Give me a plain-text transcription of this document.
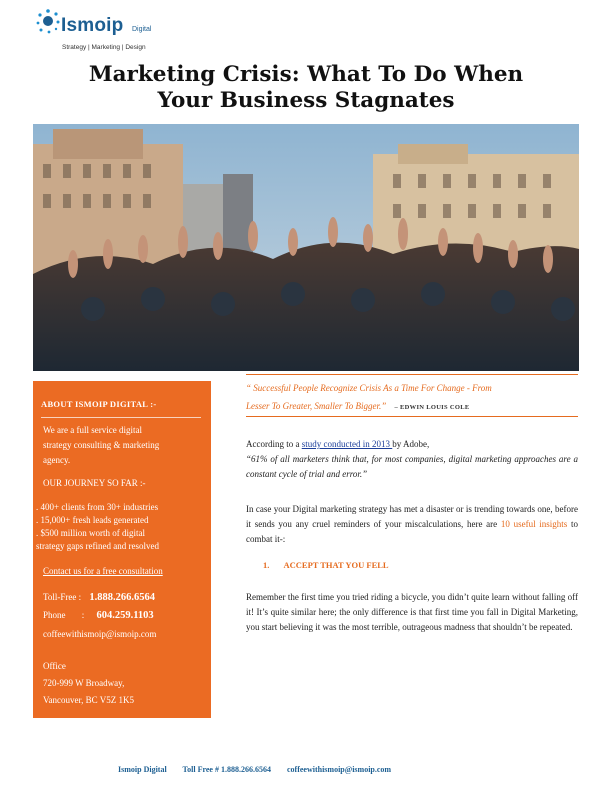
Ismoip Digital
Strategy | Marketing | Design
Marketing Crisis: What To Do When
Your Business Stagnates
ABOUT ISMOIP DIGITAL :-
We are a full service digital
strategy consulting & marketing
agency.
OUR JOURNEY SO FAR :-
. 400+ clients from 30+ industries
. 15,000+ fresh leads generated
. $500 million worth of digital
strategy gaps refined and resolved
Contact us for a free consultation
Toll-Free : 1.888.266.6564
Phone : 604.259.1103
coffeewithismoip@ismoip.com
Office
720-999 W Broadway,
Vancouver, BC V5Z 1K5
“ Successful People Recognize Crisis As a Time For Change - From
Lesser To Greater, Smaller To Bigger.” – EDWIN LOUIS COLE
According to a study conducted in 2013 by Adobe,
“61% of all marketers think that, for most companies, digital marketing approaches are a constant cycle of trial and error.”
In case your Digital marketing strategy has met a disaster or is trending towards one, before it sends you any cruel reminders of your miscalculations, here are 10 useful insights to combat it-:
1. ACCEPT THAT YOU FELL
Remember the first time you tried riding a bicycle, you didn’t quite learn without falling off it! It’s quite similar here; the only difference is that first time you fall in Digital Marketing, you start believing it was the most terrible, outrageous madness that shouldn’t be repeated.
Ismoip Digital Toll Free # 1.888.266.6564 coffeewithismoip@ismoip.com
